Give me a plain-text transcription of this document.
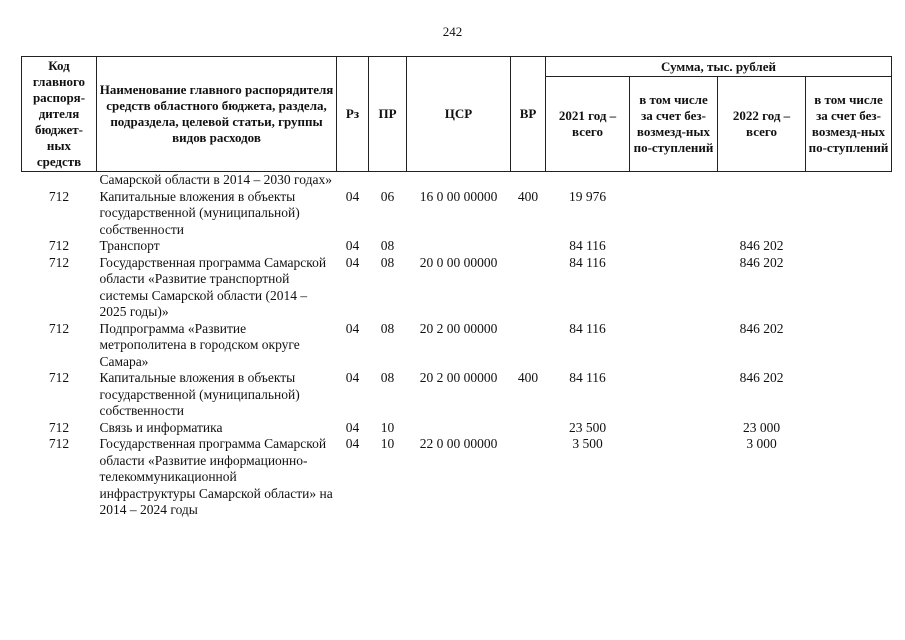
242
Код главного распоря-дителя бюджет-ных средств	Наименование главного распорядителя средств областного бюджета, раздела, подраздела, целевой статьи, группы видов расходов	Рз	ПР	ЦСР	ВР	Сумма, тыс. рублей			
						2021 год – всего	в том числе за счет без-возмезд-ных по-ступлений	2022 год – всего	в том числе за счет без-возмезд-ных по-ступлений
	Самарской области в 2014 – 2030 годах»								
712	Капитальные вложения в объекты государственной (муниципальной) собственности	04	06	16 0 00 00000	400	19 976			
712	Транспорт	04	08			84 116		846 202	
712	Государственная программа Самарской области «Развитие транспортной системы Самарской области (2014 – 2025 годы)»	04	08	20 0 00 00000		84 116		846 202	
712	Подпрограмма «Развитие метрополитена в городском округе Самара»	04	08	20 2 00 00000		84 116		846 202	
712	Капитальные вложения в объекты государственной (муниципальной) собственности	04	08	20 2 00 00000	400	84 116		846 202	
712	Связь и информатика	04	10			23 500		23 000	
712	Государственная программа Самарской области «Развитие информационно-телекоммуникационной инфраструктуры Самарской области» на 2014 – 2024 годы	04	10	22 0 00 00000		3 500		3 000	
